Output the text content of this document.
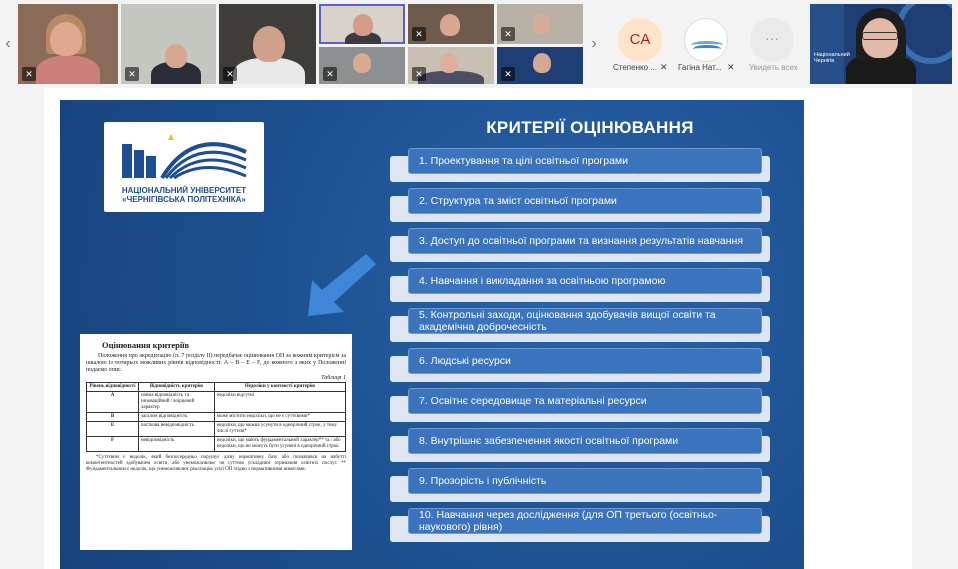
‹
✕	✕	✕
✕	✕
✕	✕	✕
›	CA
Степенко ... ✕ Гагіна Нат... ✕
···
Увидеть всех
Національний Чернігів
НАЦІОНАЛЬНИЙ УНІВЕРСИТЕТ «ЧЕРНІГІВСЬКА ПОЛІТЕХНІКА»
КРИТЕРІЇ ОЦІНЮВАННЯ
1. Проектування та цілі освітньої програми
2. Структура та зміст освітньої програми
3. Доступ до освітньої програми та визнання результатів навчання
4. Навчання і викладання за освітньою програмою
5. Контрольні заходи, оцінювання здобувачів вищої освіти та академічна доброчесність
6. Людські ресурси
7. Освітнє середовище та матеріальні ресурси
8. Внутрішнє забезпечення якості освітньої програми
9. Прозорість і публічність
10. Навчання через дослідження (для ОП третього (освітньо-наукового) рівня)
Оцінювання критеріїв
Положення про акредитацію (п. 7 розділу II) передбачає оцінювання ОП за кожним критерієм за шкалою із чотирьох можливих рівнів відповідності: А – В – Е – F, до кожного з яких у Положенні подаємо опис.
Таблиця 1
Рівень відповідності	Відповідність критерію	Недоліки у контексті критерію
А	повна відповідність та інноваційний / взірцевий характер	недоліки відсутні
В	загалом відповідність	може містити недоліки, що не є суттєвими*
Е	часткова невідповідність	недоліки, що можна усунути в однорічний строк, у тому числі суттєві*
F	невідповідність	недоліки, що мають фундаментальний характер** та / або недоліки, що не можуть бути усунені в однорічний строк
*Суттєвим є недолік, який безпосередньо порушує дієву нормативну базу або позначився на набутті компетентностей здобувачем освіти, або унеможливлює чи суттєво ускладнює отримання освітніх послуг. ** Фундаментальним є недолік, що унеможливлює реалізацію усієї ОП згідно з нормативними вимогами.
